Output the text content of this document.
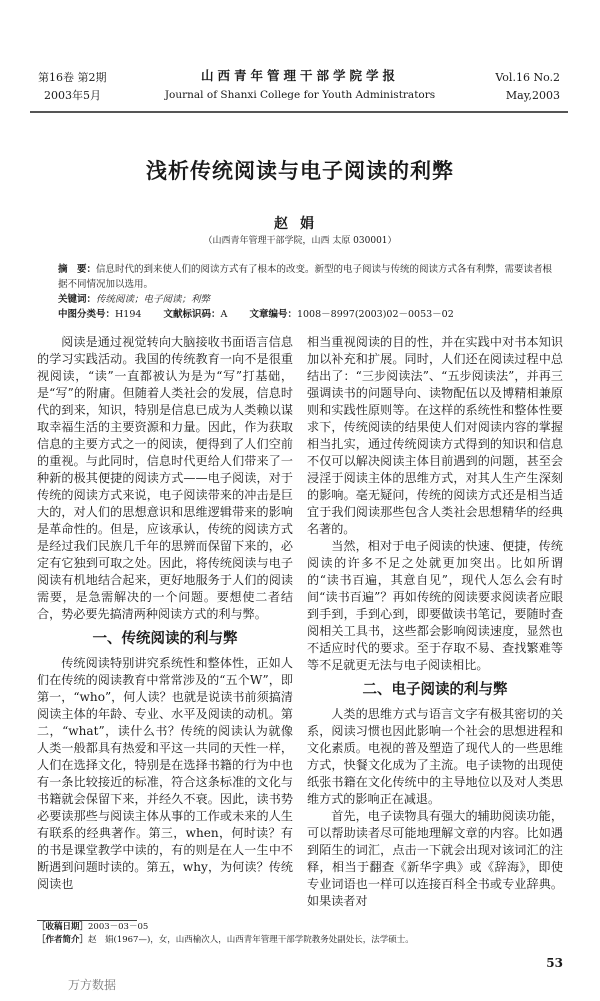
第16卷 第2期
2003年5月
山西青年管理干部学院学报
Journal of Shanxi College for Youth Administrators
Vol.16 No.2
May,2003
浅析传统阅读与电子阅读的利弊
赵娟
（山西青年管理干部学院，山西 太原 030001）
摘　要：信息时代的到来使人们的阅读方式有了根本的改变。新型的电子阅读与传统的阅读方式各有利弊，需要读者根据不同情况加以选用。
关键词：传统阅读；电子阅读；利弊
中图分类号：H194 文献标识码：A 文章编号：1008－8997(2003)02－0053－02

阅读是通过视觉转向大脑接收书面语言信息的学习实践活动。我国的传统教育一向不是很重视阅读，“读”一直都被认为是为“写”打基础，是“写”的附庸。但随着人类社会的发展，信息时代的到来，知识，特别是信息已成为人类赖以谋取幸福生活的主要资源和力量。因此，作为获取信息的主要方式之一的阅读，便得到了人们空前的重视。与此同时，信息时代更给人们带来了一种新的极其便捷的阅读方式——电子阅读，对于传统的阅读方式来说，电子阅读带来的冲击是巨大的，对人们的思想意识和思维逻辑带来的影响是革命性的。但是，应该承认，传统的阅读方式是经过我们民族几千年的思辨而保留下来的，必定有它独到可取之处。因此，将传统阅读与电子阅读有机地结合起来，更好地服务于人们的阅读需要，是急需解决的一个问题。要想使二者结合，势必要先搞清两种阅读方式的利与弊。

一、传统阅读的利与弊

传统阅读特别讲究系统性和整体性，正如人们在传统的阅读教育中常常涉及的“五个W”，即第一，“who”，何人读？也就是说读书前须搞清阅读主体的年龄、专业、水平及阅读的动机。第二，“what”，读什么书？传统的阅读认为就像人类一般都具有热爱和平这一共同的天性一样，人们在选择文化，特别是在选择书籍的行为中也有一条比较接近的标准，符合这条标准的文化与书籍就会保留下来，并经久不衰。因此，读书势必要读那些与阅读主体从事的工作或未来的人生有联系的经典著作。第三，when，何时读？有的书是课堂教学中读的，有的则是在人一生中不断遇到问题时读的。第五，why，为何读？传统阅读也

相当重视阅读的目的性，并在实践中对书本知识加以补充和扩展。同时，人们还在阅读过程中总结出了：“三步阅读法”、“五步阅读法”，并再三强调读书的问题导向、读物配伍以及博精相兼原则和实践性原则等。在这样的系统性和整体性要求下，传统阅读的结果使人们对阅读内容的掌握相当扎实，通过传统阅读方式得到的知识和信息不仅可以解决阅读主体目前遇到的问题，甚至会浸淫于阅读主体的思维方式，对其人生产生深刻的影响。毫无疑问，传统的阅读方式还是相当适宜于我们阅读那些包含人类社会思想精华的经典名著的。

当然，相对于电子阅读的快速、便捷，传统阅读的许多不足之处就更加突出。比如所谓的“读书百遍，其意自见”，现代人怎么会有时间“读书百遍”？再如传统的阅读要求阅读者应眼到手到，手到心到，即要做读书笔记，要随时查阅相关工具书，这些都会影响阅读速度，显然也不适应时代的要求。至于存取不易、查找繁难等等不足就更无法与电子阅读相比。

二、电子阅读的利与弊

人类的思维方式与语言文字有极其密切的关系，阅读习惯也因此影响一个社会的思想进程和文化素质。电视的普及塑造了现代人的一些思维方式，快餐文化成为了主流。电子读物的出现使纸张书籍在文化传统中的主导地位以及对人类思维方式的影响正在减退。

首先，电子读物具有强大的辅助阅读功能，可以帮助读者尽可能地理解文章的内容。比如遇到陌生的词汇，点击一下就会出现对该词汇的注释，相当于翻查《新华字典》或《辞海》，即使专业词语也一样可以连接百科全书或专业辞典。如果读者对

［收稿日期］2003－03－05
［作者简介］赵　娟(1967—)，女，山西榆次人，山西青年管理干部学院教务处副处长，法学硕士。
53
万方数据
